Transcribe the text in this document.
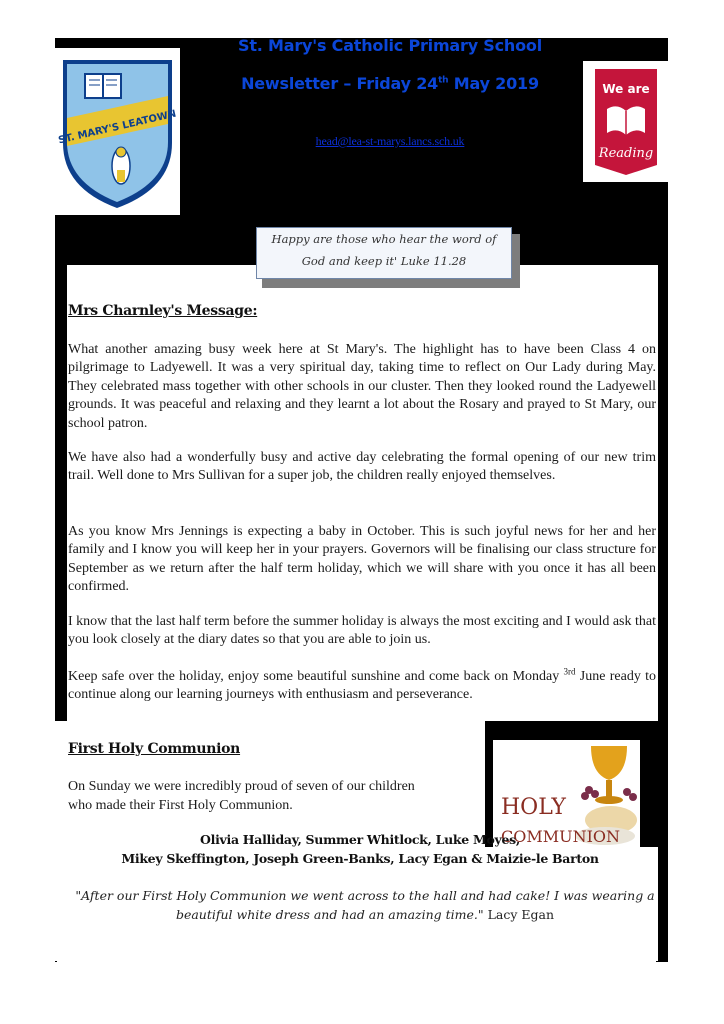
St. Mary's Catholic Primary School
Newsletter – Friday 24th May 2019
head@lea-st-marys.lancs.sch.uk
ST. MARY'S LEATOWN
We are
Reading
Happy are those who hear the word of
God and keep it' Luke 11.28
Mrs Charnley's Message:
What another amazing busy week here at St Mary's. The highlight has to have been Class 4 on pilgrimage to Ladyewell. It was a very spiritual day, taking time to reflect on Our Lady during May. They celebrated mass together with other schools in our cluster. Then they looked round the Ladyewell grounds. It was peaceful and relaxing and they learnt a lot about the Rosary and prayed to St Mary, our school patron.
We have also had a wonderfully busy and active day celebrating the formal opening of our new trim trail. Well done to Mrs Sullivan for a super job, the children really enjoyed themselves.
As you know Mrs Jennings is expecting a baby in October. This is such joyful news for her and her family and I know you will keep her in your prayers. Governors will be finalising our class structure for September as we return after the half term holiday, which we will share with you once it has all been confirmed.
I know that the last half term before the summer holiday is always the most exciting and I would ask that you look closely at the diary dates so that you are able to join us.
Keep safe over the holiday, enjoy some beautiful sunshine and come back on Monday $^{3rd}$ June ready to continue along our learning journeys with enthusiasm and perseverance.
First Holy Communion
On Sunday we were incredibly proud of seven of our children
who made their First Holy Communion.	HOLY
COMMUNION
Olivia Halliday, Summer Whitlock, Luke Moyes,
Mikey Skeffington, Joseph Green-Banks, Lacy Egan & Maizie-le Barton
"After our First Holy Communion we went across to the hall and had cake! I was wearing a
beautiful white dress and had an amazing time." Lacy Egan
